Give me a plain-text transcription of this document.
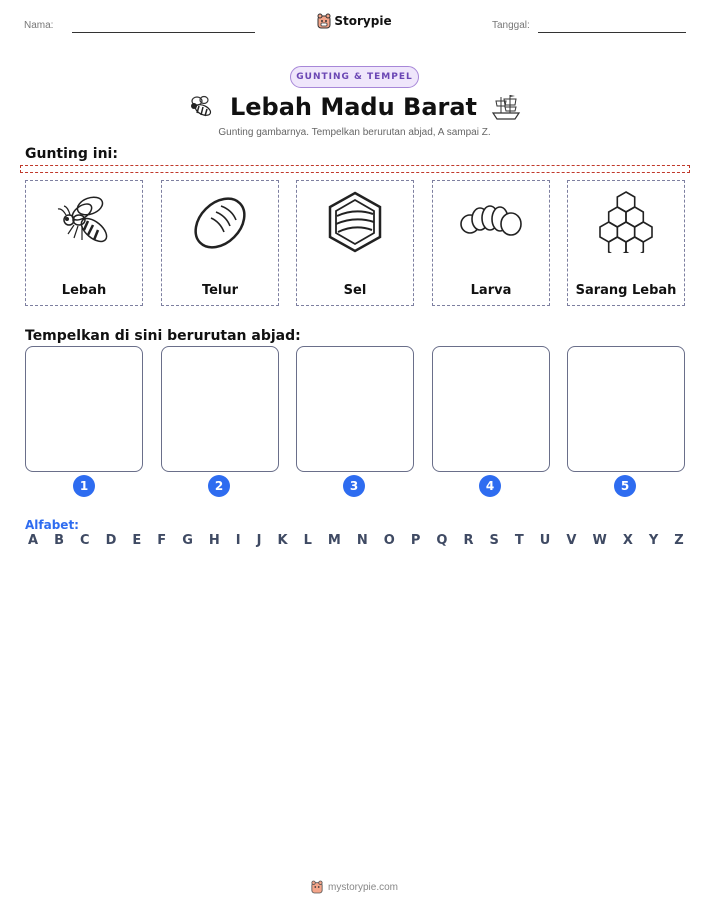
Nama:	Storypie	Tanggal:
GUNTING & TEMPEL
Lebah Madu Barat
Gunting gambarnya. Tempelkan berurutan abjad, A sampai Z.
Gunting ini:
Lebah	Telur	Sel	Larva	Sarang Lebah
Tempelkan di sini berurutan abjad:
1	2	3	4	5
Alfabet:
A B C D E F G H I J K L M N O P Q R S T U V W X Y Z
mystorypie.com
